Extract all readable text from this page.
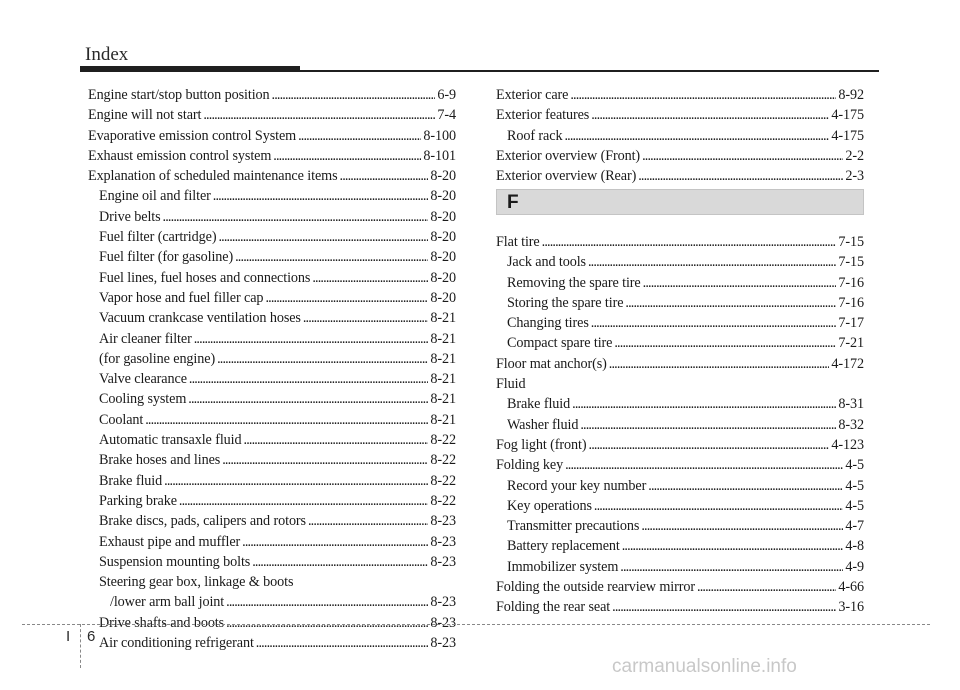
Index
Engine start/stop button position . . .	6-9
Engine will not start . . .	7-4
Evaporative emission control System . . .	8-100
Exhaust emission control system . . .	8-101
Explanation of scheduled maintenance items . . .	8-20
Engine oil and filter . . .	8-20
Drive belts . . .	8-20
Fuel filter (cartridge) . . .	8-20
Fuel filter (for gasoline) . . .	8-20
Fuel lines, fuel hoses and connections . . .	8-20
Vapor hose and fuel filler cap . . .	8-20
Vacuum crankcase ventilation hoses . . .	8-21
Air cleaner filter . . .	8-21
(for gasoline engine) . . .	8-21
Valve clearance . . .	8-21
Cooling system . . .	8-21
Coolant . . .	8-21
Automatic transaxle fluid . . .	8-22
Brake hoses and lines . . .	8-22
Brake fluid . . .	8-22
Parking brake . . .	8-22
Brake discs, pads, calipers and rotors . . .	8-23
Exhaust pipe and muffler . . .	8-23
Suspension mounting bolts . . .	8-23
Steering gear box, linkage & boots
/lower arm ball joint . . .	8-23
Drive shafts and boots . . .	8-23
Air conditioning refrigerant . . .	8-23
Exterior care . . .	8-92
Exterior features . . .	4-175
Roof rack . . .	4-175
Exterior overview (Front) . . .	2-2
Exterior overview (Rear) . . .	2-3
F
Flat tire . . .	7-15
Jack and tools . . .	7-15
Removing the spare tire . . .	7-16
Storing the spare tire . . .	7-16
Changing tires . . .	7-17
Compact spare tire . . .	7-21
Floor mat anchor(s) . . .	4-172
Fluid
Brake fluid . . .	8-31
Washer fluid . . .	8-32
Fog light (front) . . .	4-123
Folding key . . .	4-5
Record your key number . . .	4-5
Key operations . . .	4-5
Transmitter precautions . . .	4-7
Battery replacement . . .	4-8
Immobilizer system . . .	4-9
Folding the outside rearview mirror . . .	4-66
Folding the rear seat . . .	3-16
I 6
carmanualsonline.info
